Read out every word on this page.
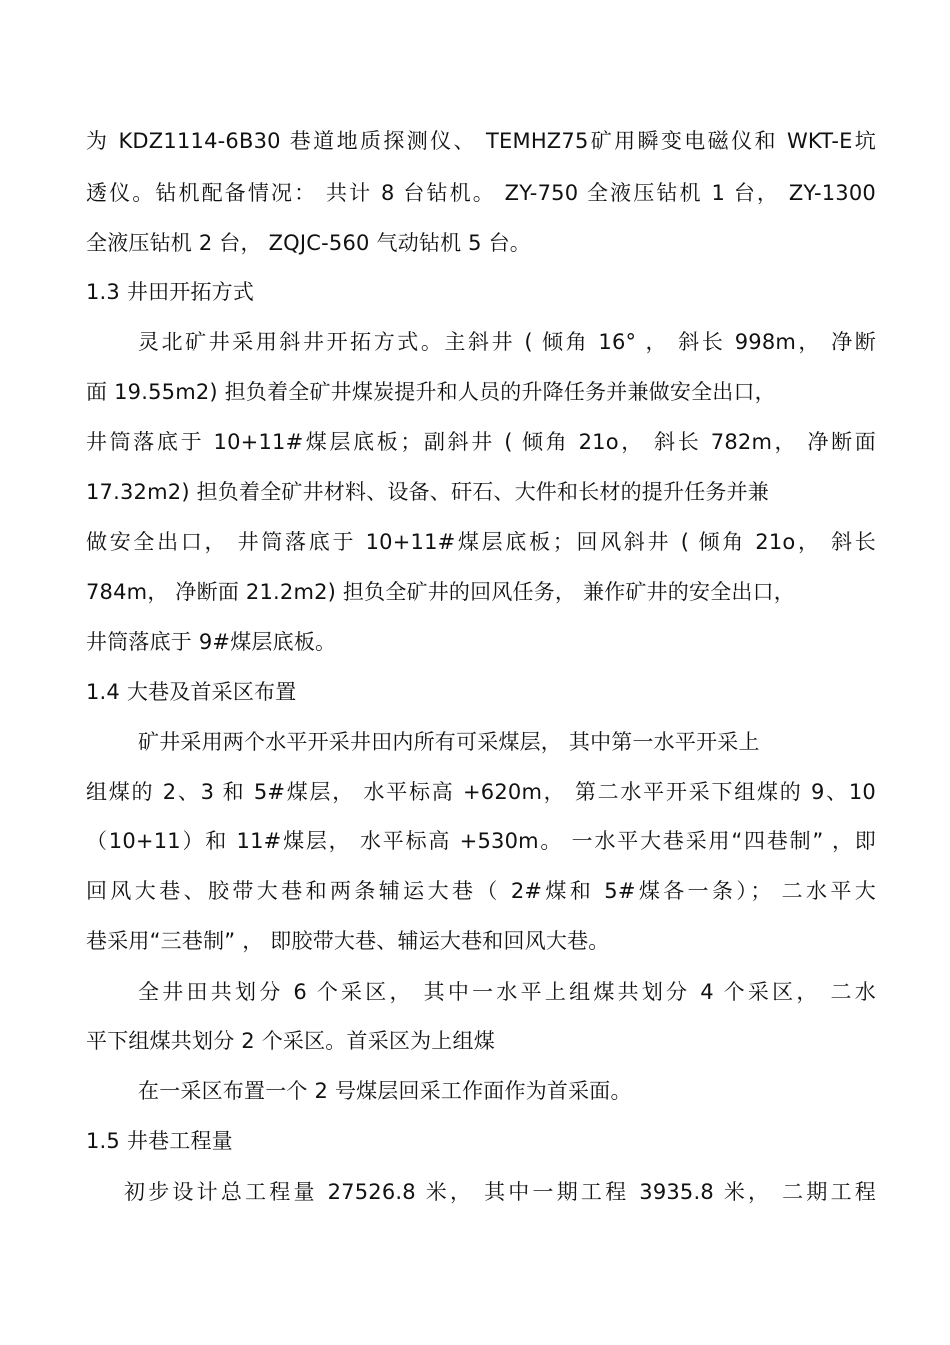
为 KDZ1114-6B30 巷道地质探测仪、 TEMHZ75矿用瞬变电磁仪和 WKT-E坑
透仪。钻机配备情况： 共计 8 台钻机。 ZY-750 全液压钻机 1 台， ZY-1300
全液压钻机 2 台， ZQJC-560 气动钻机 5 台。
1.3 井田开拓方式
灵北矿井采用斜井开拓方式。主斜井 ( 倾角 16° ， 斜长 998m， 净断
面 19.55m2) 担负着全矿井煤炭提升和人员的升降任务并兼做安全出口，
井筒落底于 10+11#煤层底板；副斜井 ( 倾角 21o， 斜长 782m， 净断面
17.32m2) 担负着全矿井材料、设备、矸石、大件和长材的提升任务并兼
做安全出口， 井筒落底于 10+11#煤层底板；回风斜井 ( 倾角 21o， 斜长
784m， 净断面 21.2m2) 担负全矿井的回风任务， 兼作矿井的安全出口，
井筒落底于 9#煤层底板。
1.4 大巷及首采区布置
矿井采用两个水平开采井田内所有可采煤层， 其中第一水平开采上
组煤的 2、3 和 5#煤层， 水平标高 +620m， 第二水平开采下组煤的 9、10
（10+11）和 11#煤层， 水平标高 +530m。 一水平大巷采用“四巷制” ，即
回风大巷、胶带大巷和两条辅运大巷（ 2#煤和 5#煤各一条）； 二水平大
巷采用“三巷制” ， 即胶带大巷、辅运大巷和回风大巷。
全井田共划分 6 个采区， 其中一水平上组煤共划分 4 个采区， 二水
平下组煤共划分 2 个采区。首采区为上组煤
在一采区布置一个 2 号煤层回采工作面作为首采面。
1.5 井巷工程量
初步设计总工程量 27526.8 米， 其中一期工程 3935.8 米， 二期工程
